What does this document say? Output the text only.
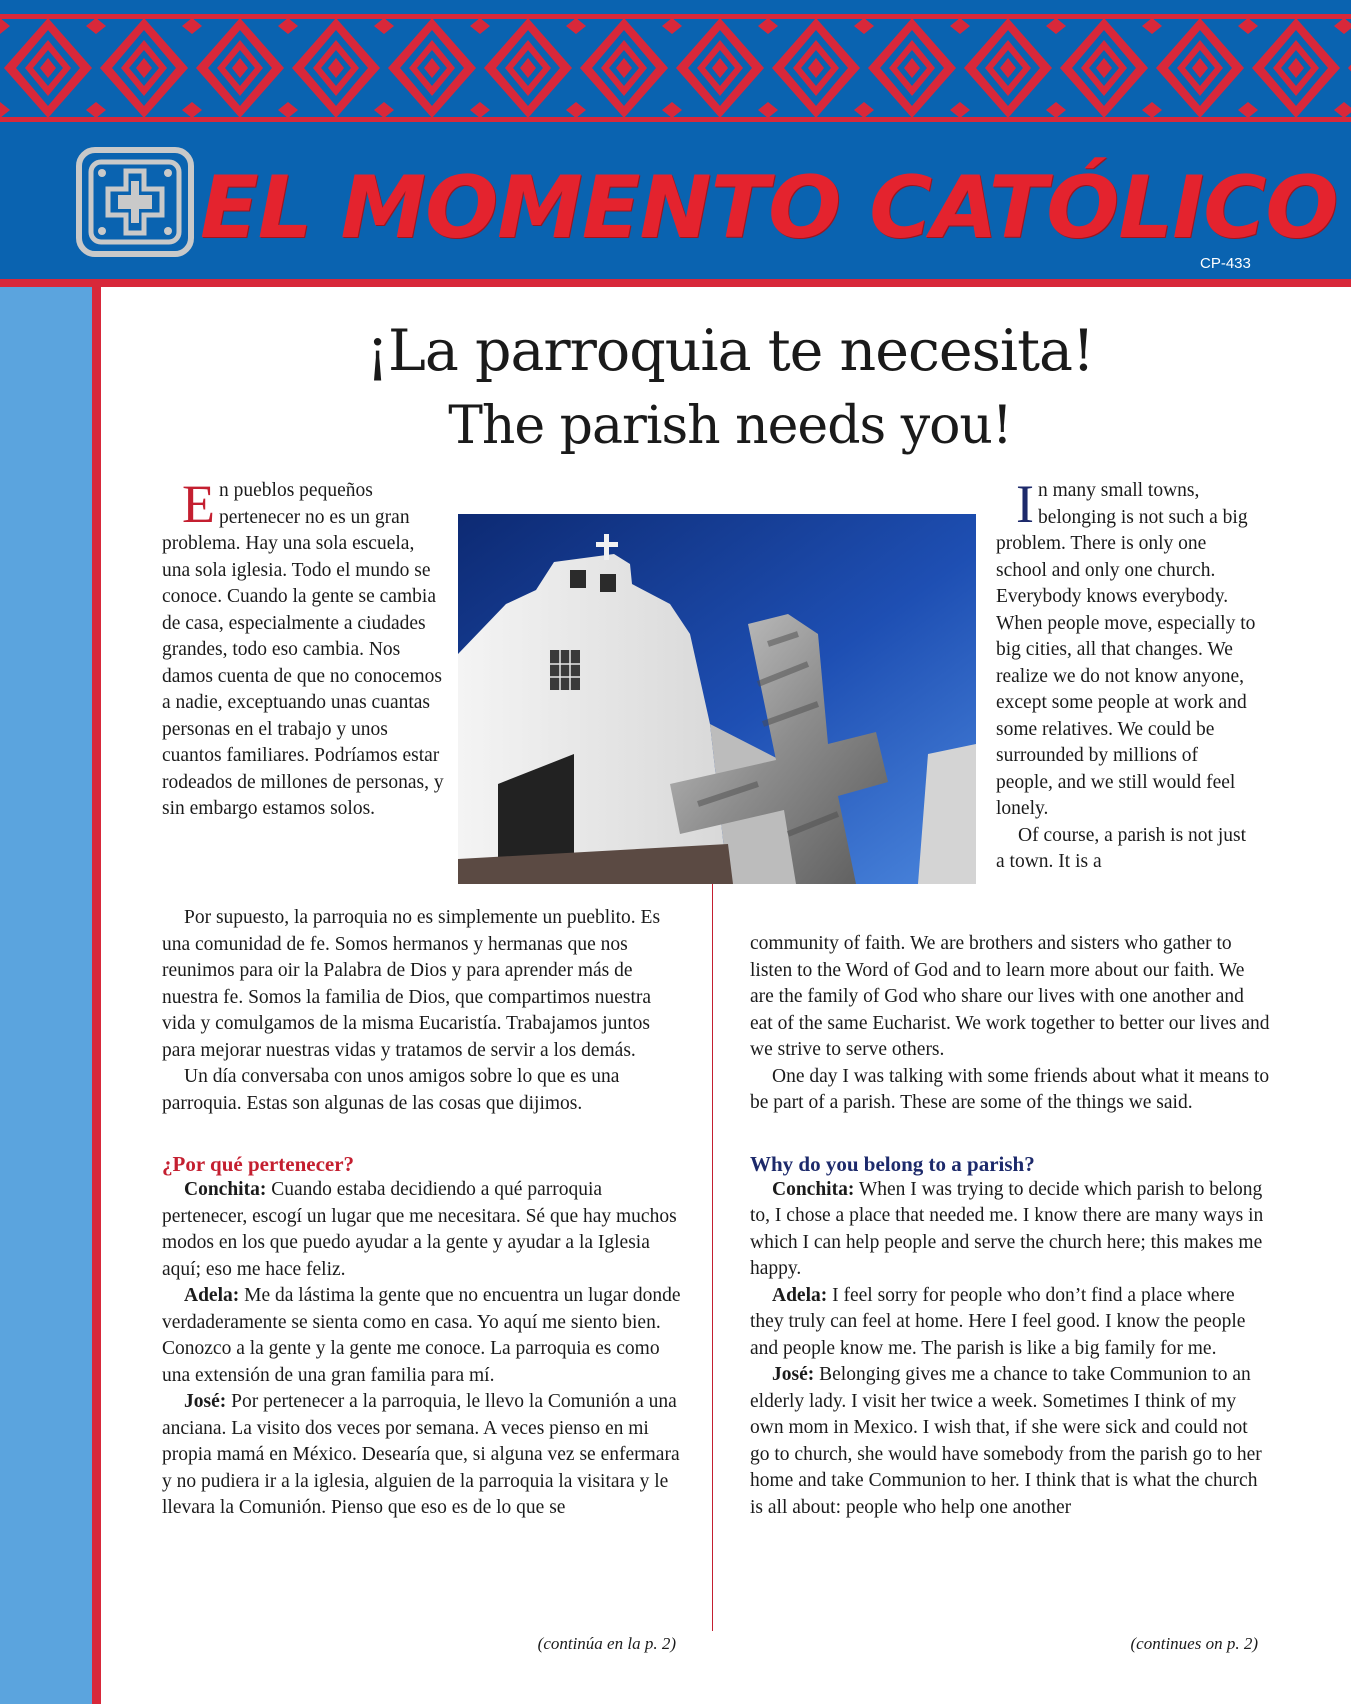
EL MOMENTO CATÓLICO
CP-433
¡La parroquia te necesita!
The parish needs you!

En pueblos pequeños pertenecer no es un gran problema. Hay una sola escuela, una sola iglesia. Todo el mundo se conoce. Cuando la gente se cambia de casa, especialmente a ciudades grandes, todo eso cambia. Nos damos cuenta de que no conocemos a nadie, exceptuando unas cuantas personas en el trabajo y unos cuantos familiares. Podríamos estar rodeados de millones de personas, y sin embargo estamos solos.

Por supuesto, la parroquia no es simplemente un pueblito. Es una comunidad de fe. Somos hermanos y hermanas que nos reunimos para oir la Palabra de Dios y para aprender más de nuestra fe. Somos la familia de Dios, que compartimos nuestra vida y comulgamos de la misma Eucaristía. Trabajamos juntos para mejorar nuestras vidas y tratamos de servir a los demás.

Un día conversaba con unos amigos sobre lo que es una parroquia. Estas son algunas de las cosas que dijimos.

¿Por qué pertenecer?

Conchita: Cuando estaba decidiendo a qué parroquia pertenecer, escogí un lugar que me necesitara. Sé que hay muchos modos en los que puedo ayudar a la gente y ayudar a la Iglesia aquí; eso me hace feliz.

Adela: Me da lástima la gente que no encuentra un lugar donde verdaderamente se sienta como en casa. Yo aquí me siento bien. Conozco a la gente y la gente me conoce. La parroquia es como una extensión de una gran familia para mí.

José: Por pertenecer a la parroquia, le llevo la Comunión a una anciana. La visito dos veces por semana. A veces pienso en mi propia mamá en México. Desearía que, si alguna vez se enfermara y no pudiera ir a la iglesia, alguien de la parroquia la visitara y le llevara la Comunión. Pienso que eso es de lo que se

(continúa en la p. 2)

In many small towns, belonging is not such a big problem. There is only one school and only one church. Everybody knows everybody. When people move, especially to big cities, all that changes. We realize we do not know anyone, except some people at work and some relatives. We could be surrounded by millions of people, and we still would feel lonely.

Of course, a parish is not just a town. It is a

community of faith. We are brothers and sisters who gather to listen to the Word of God and to learn more about our faith. We are the family of God who share our lives with one another and eat of the same Eucharist. We work together to better our lives and we strive to serve others.

One day I was talking with some friends about what it means to be part of a parish. These are some of the things we said.

Why do you belong to a parish?

Conchita: When I was trying to decide which parish to belong to, I chose a place that needed me. I know there are many ways in which I can help people and serve the church here; this makes me happy.

Adela: I feel sorry for people who don’t find a place where they truly can feel at home. Here I feel good. I know the people and people know me. The parish is like a big family for me.

José: Belonging gives me a chance to take Communion to an elderly lady. I visit her twice a week. Sometimes I think of my own mom in Mexico. I wish that, if she were sick and could not go to church, she would have somebody from the parish go to her home and take Communion to her. I think that is what the church is all about: people who help one another

(continues on p. 2)
